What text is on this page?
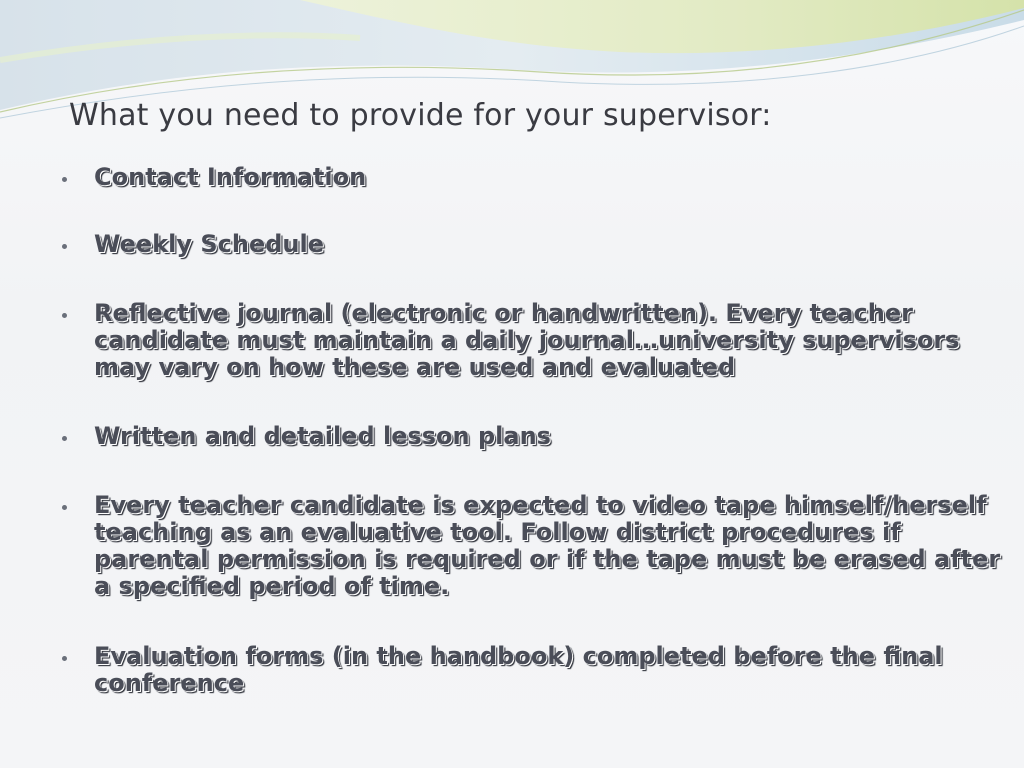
What you need to provide for your supervisor:
Contact Information
Weekly Schedule
Reflective journal (electronic or handwritten). Every teacher candidate must maintain a daily journal…university supervisors may vary on how these are used and evaluated
Written and detailed lesson plans
Every teacher candidate is expected to video tape himself/herself teaching as an evaluative tool. Follow district procedures if parental permission is required or if the tape must be erased after a specified period of time.
Evaluation forms (in the handbook) completed before the final conference
